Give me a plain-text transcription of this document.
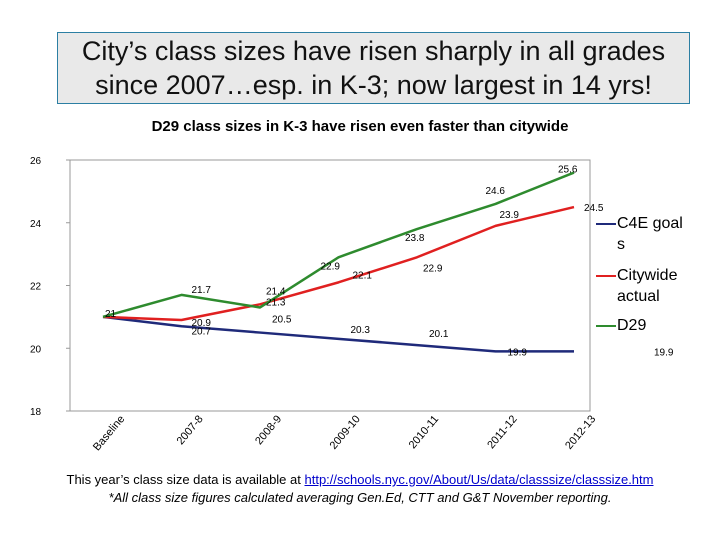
City’s class sizes have risen sharply in all grades
since 2007…esp. in K-3; now largest in 14 yrs!
D29 class sizes in K-3 have risen even faster than citywide
18
20
22
24
26
Baseline	2007-8	2008-9	2009-10	2010-11	2011-12	2012-13
21
20.7
20.5
20.3	20.1
19.9	19.9
20.9
21.4
22.1
22.9
23.9
24.5
21.7
21.3
22.9
23.8
24.6
25.6
C4E goals
Citywide actual
D29
This year’s class size data is available at http://schools.nyc.gov/About/Us/data/classsize/classsize.htm
*All class size figures calculated averaging Gen.Ed, CTT and G&T November reporting.
